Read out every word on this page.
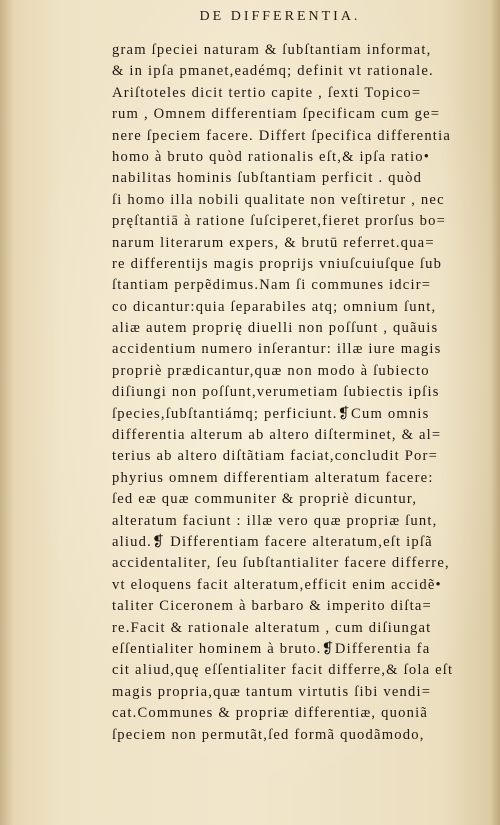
DE DIFFERENTIA.
gram ſpeciei naturam & ſubſtantiam informat,
& in ipſa pmanet,eadémq; definit vt rationale.
Ariſtoteles dicit tertio capite , ſexti Topico=
rum , Omnem differentiam ſpecificam cum ge=
nere ſpeciem facere. Differt ſpecifica differentia
homo à bruto quòd rationalis eſt,& ipſa ratio•
nabilitas hominis ſubſtantiam perficit . quòd
ſi homo illa nobili qualitate non veſtiretur , nec
pręſtantiā à ratione ſuſciperet,fieret prorſus bo=
narum literarum expers, & brutū referret.qua=
re differentijs magis proprijs vniuſcuiuſque ſub
ſtantiam perpẽdimus.Nam ſi communes idcir=
co dicantur:quia ſeparabiles atq; omnium ſunt,
aliæ autem proprię diuelli non poſſunt , quãuis
accidentium numero inſerantur: illæ iure magis
propriè prædicantur,quæ non modo à ſubiecto
diſiungi non poſſunt,verumetiam ſubiectis ipſis
ſpecies,ſubſtantiámq; perficiunt.❡Cum omnis
differentia alterum ab altero diſterminet, & al=
terius ab altero diſtãtiam faciat,concludit Por=
phyrius omnem differentiam alteratum facere:
ſed eæ quæ communiter & propriè dicuntur,
alteratum faciunt : illæ vero quæ propriæ ſunt,
aliud.❡ Differentiam facere alteratum,eſt ipſã
accidentaliter, ſeu ſubſtantialiter facere differre,
vt eloquens facit alteratum,efficit enim accidẽ•
taliter Ciceronem à barbaro & imperito diſta=
re.Facit & rationale alteratum , cum diſiungat
eſſentialiter hominem à bruto.❡Differentia fa
cit aliud,quę eſſentialiter facit differre,& ſola eſt
magis propria,quæ tantum virtutis ſibi vendi=
cat.Communes & propriæ differentiæ, quoniã
ſpeciem non permutãt,ſed formã quodãmodo,
